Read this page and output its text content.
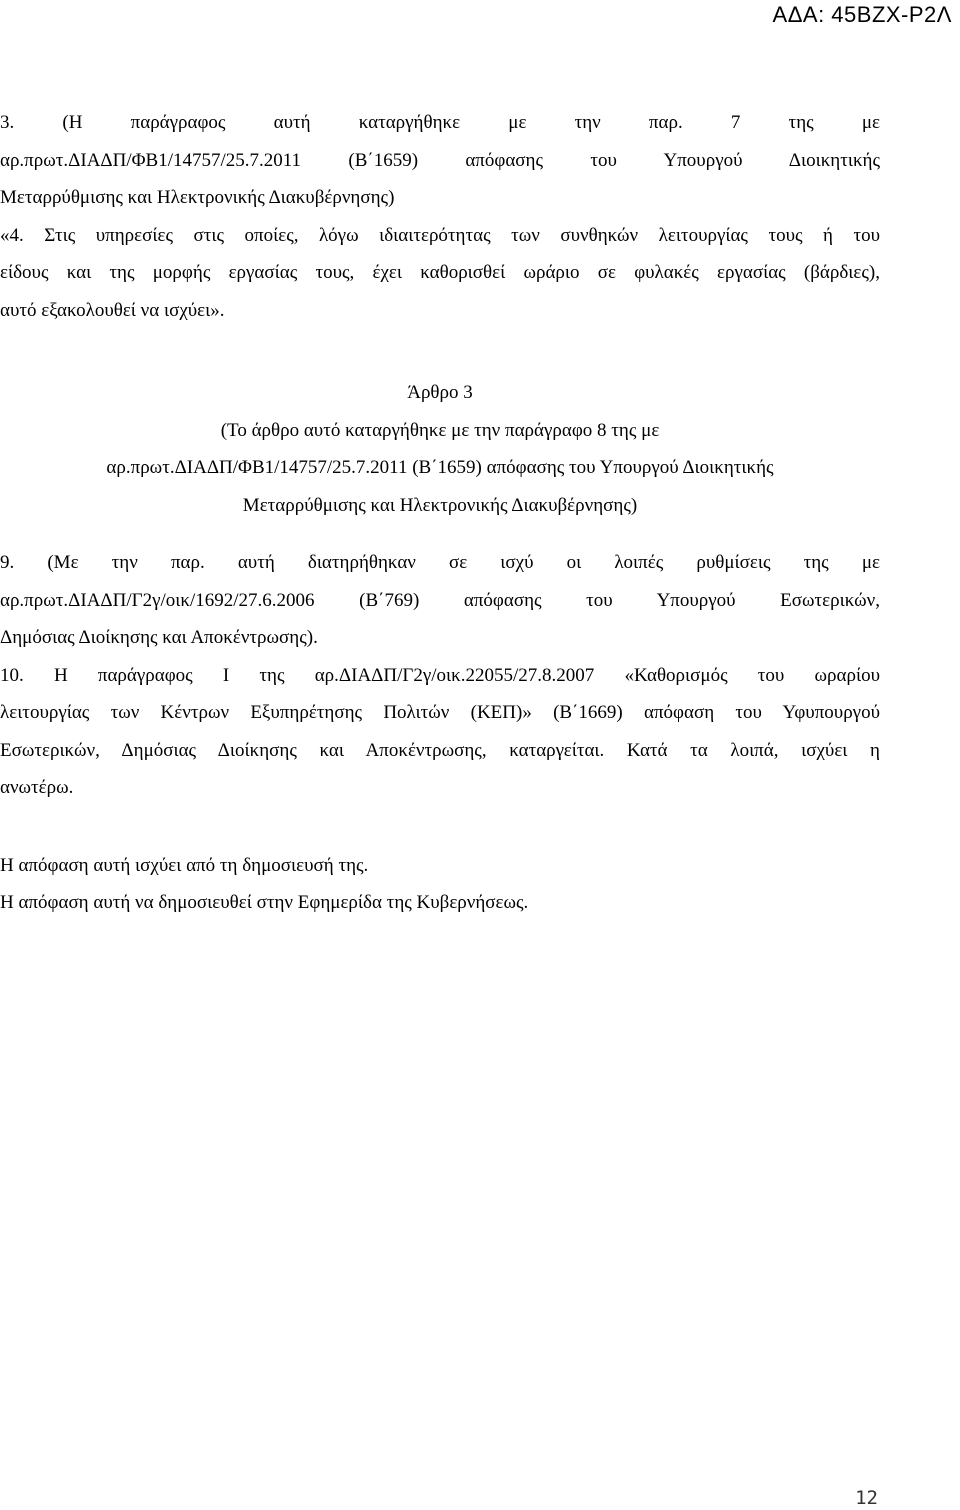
ΑΔΑ: 45ΒΖΧ-Ρ2Λ
3. (Η παράγραφος αυτή καταργήθηκε με την παρ. 7 της με
αρ.πρωτ.ΔΙΑΔΠ/ΦΒ1/14757/25.7.2011 (Β΄1659) απόφασης του Υπουργού Διοικητικής
Μεταρρύθμισης και Ηλεκτρονικής Διακυβέρνησης)
«4. Στις υπηρεσίες στις οποίες, λόγω ιδιαιτερότητας των συνθηκών λειτουργίας τους ή του
είδους και της μορφής εργασίας τους, έχει καθορισθεί ωράριο σε φυλακές εργασίας (βάρδιες),
αυτό εξακολουθεί να ισχύει».
Άρθρο 3
(Το άρθρο αυτό καταργήθηκε με την παράγραφο 8 της με
αρ.πρωτ.ΔΙΑΔΠ/ΦΒ1/14757/25.7.2011 (Β΄1659) απόφασης του Υπουργού Διοικητικής
Μεταρρύθμισης και Ηλεκτρονικής Διακυβέρνησης)
9. (Με την παρ. αυτή διατηρήθηκαν σε ισχύ οι λοιπές ρυθμίσεις της με
αρ.πρωτ.ΔΙΑΔΠ/Γ2γ/οικ/1692/27.6.2006 (Β΄769) απόφασης του Υπουργού Εσωτερικών,
Δημόσιας Διοίκησης και Αποκέντρωσης).
10. Η παράγραφος Ι της αρ.ΔΙΑΔΠ/Γ2γ/οικ.22055/27.8.2007 «Καθορισμός του ωραρίου
λειτουργίας των Κέντρων Εξυπηρέτησης Πολιτών (ΚΕΠ)» (Β΄1669) απόφαση του Υφυπουργού
Εσωτερικών, Δημόσιας Διοίκησης και Αποκέντρωσης, καταργείται. Κατά τα λοιπά, ισχύει η
ανωτέρω.
Η απόφαση αυτή ισχύει από τη δημοσιευσή της.
Η απόφαση αυτή να δημοσιευθεί στην Εφημερίδα της Κυβερνήσεως.
12
